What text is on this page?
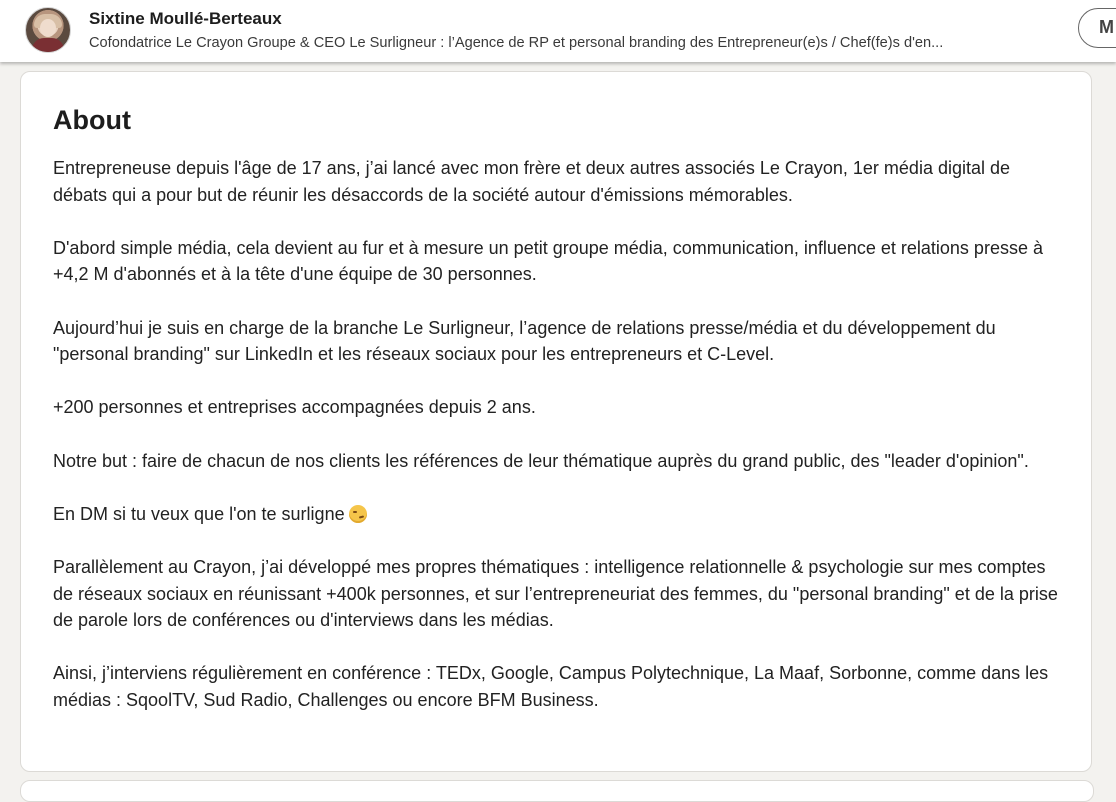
Sixtine Moullé-Berteaux
Cofondatrice Le Crayon Groupe & CEO Le Surligneur : l’Agence de RP et personal branding des Entrepreneur(e)s / Chef(fe)s d'en...
M
About

Entrepreneuse depuis l'âge de 17 ans, j’ai lancé avec mon frère et deux autres associés Le Crayon, 1er média digital de débats qui a pour but de réunir les désaccords de la société autour d'émissions mémorables.

D'abord simple média, cela devient au fur et à mesure un petit groupe média, communication, influence et relations presse à +4,2 M d'abonnés et à la tête d'une équipe de 30 personnes.

Aujourd’hui je suis en charge de la branche Le Surligneur, l’agence de relations presse/média et du développement du "personal branding" sur LinkedIn et les réseaux sociaux pour les entrepreneurs et C-Level.

+200 personnes et entreprises accompagnées depuis 2 ans.

Notre but : faire de chacun de nos clients les références de leur thématique auprès du grand public, des "leader d'opinion".

En DM si tu veux que l'on te surligne

Parallèlement au Crayon, j’ai développé mes propres thématiques : intelligence relationnelle & psychologie sur mes comptes de réseaux sociaux en réunissant +400k personnes, et sur l’entrepreneuriat des femmes, du "personal branding" et de la prise de parole lors de conférences ou d'interviews dans les médias.

Ainsi, j’interviens régulièrement en conférence : TEDx, Google, Campus Polytechnique, La Maaf, Sorbonne, comme dans les médias : SqoolTV, Sud Radio, Challenges ou encore BFM Business.
